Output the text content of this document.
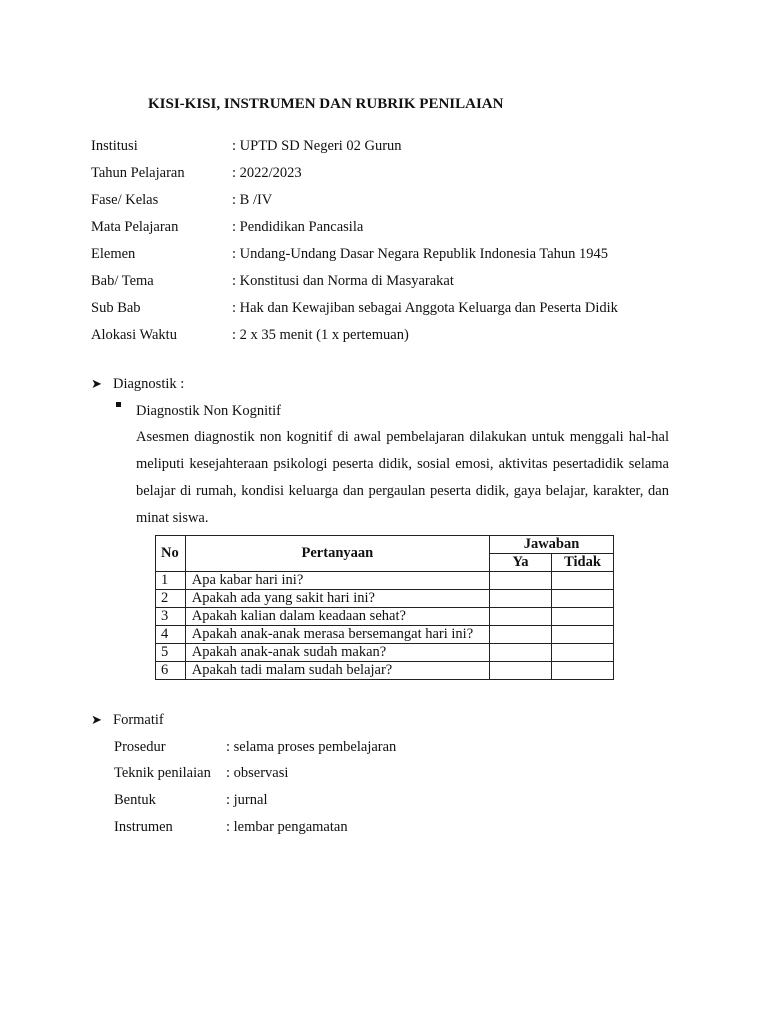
KISI-KISI, INSTRUMEN DAN RUBRIK PENILAIAN
Institusi	: UPTD SD Negeri 02 Gurun
Tahun Pelajaran	: 2022/2023
Fase/ Kelas	: B /IV
Mata Pelajaran	: Pendidikan Pancasila
Elemen	: Undang-Undang Dasar Negara Republik Indonesia Tahun 1945
Bab/ Tema	: Konstitusi dan Norma di Masyarakat
Sub Bab	: Hak dan Kewajiban sebagai Anggota Keluarga dan Peserta Didik
Alokasi Waktu	: 2 x 35 menit (1 x pertemuan)
➤ Diagnostik :
Diagnostik Non Kognitif
Asesmen diagnostik non kognitif di awal pembelajaran dilakukan untuk menggali hal-hal meliputi kesejahteraan psikologi peserta didik, sosial emosi, aktivitas pesertadidik selama belajar di rumah, kondisi keluarga dan pergaulan peserta didik, gaya belajar, karakter, dan minat siswa.
No	Pertanyaan	Jawaban	
		Ya	Tidak
1	Apa kabar hari ini?		
2	Apakah ada yang sakit hari ini?		
3	Apakah kalian dalam keadaan sehat?		
4	Apakah anak-anak merasa bersemangat hari ini?		
5	Apakah anak-anak sudah makan?		
6	Apakah tadi malam sudah belajar?		
➤ Formatif
Prosedur	: selama proses pembelajaran
Teknik penilaian : observasi
Bentuk	: jurnal
Instrumen	: lembar pengamatan
